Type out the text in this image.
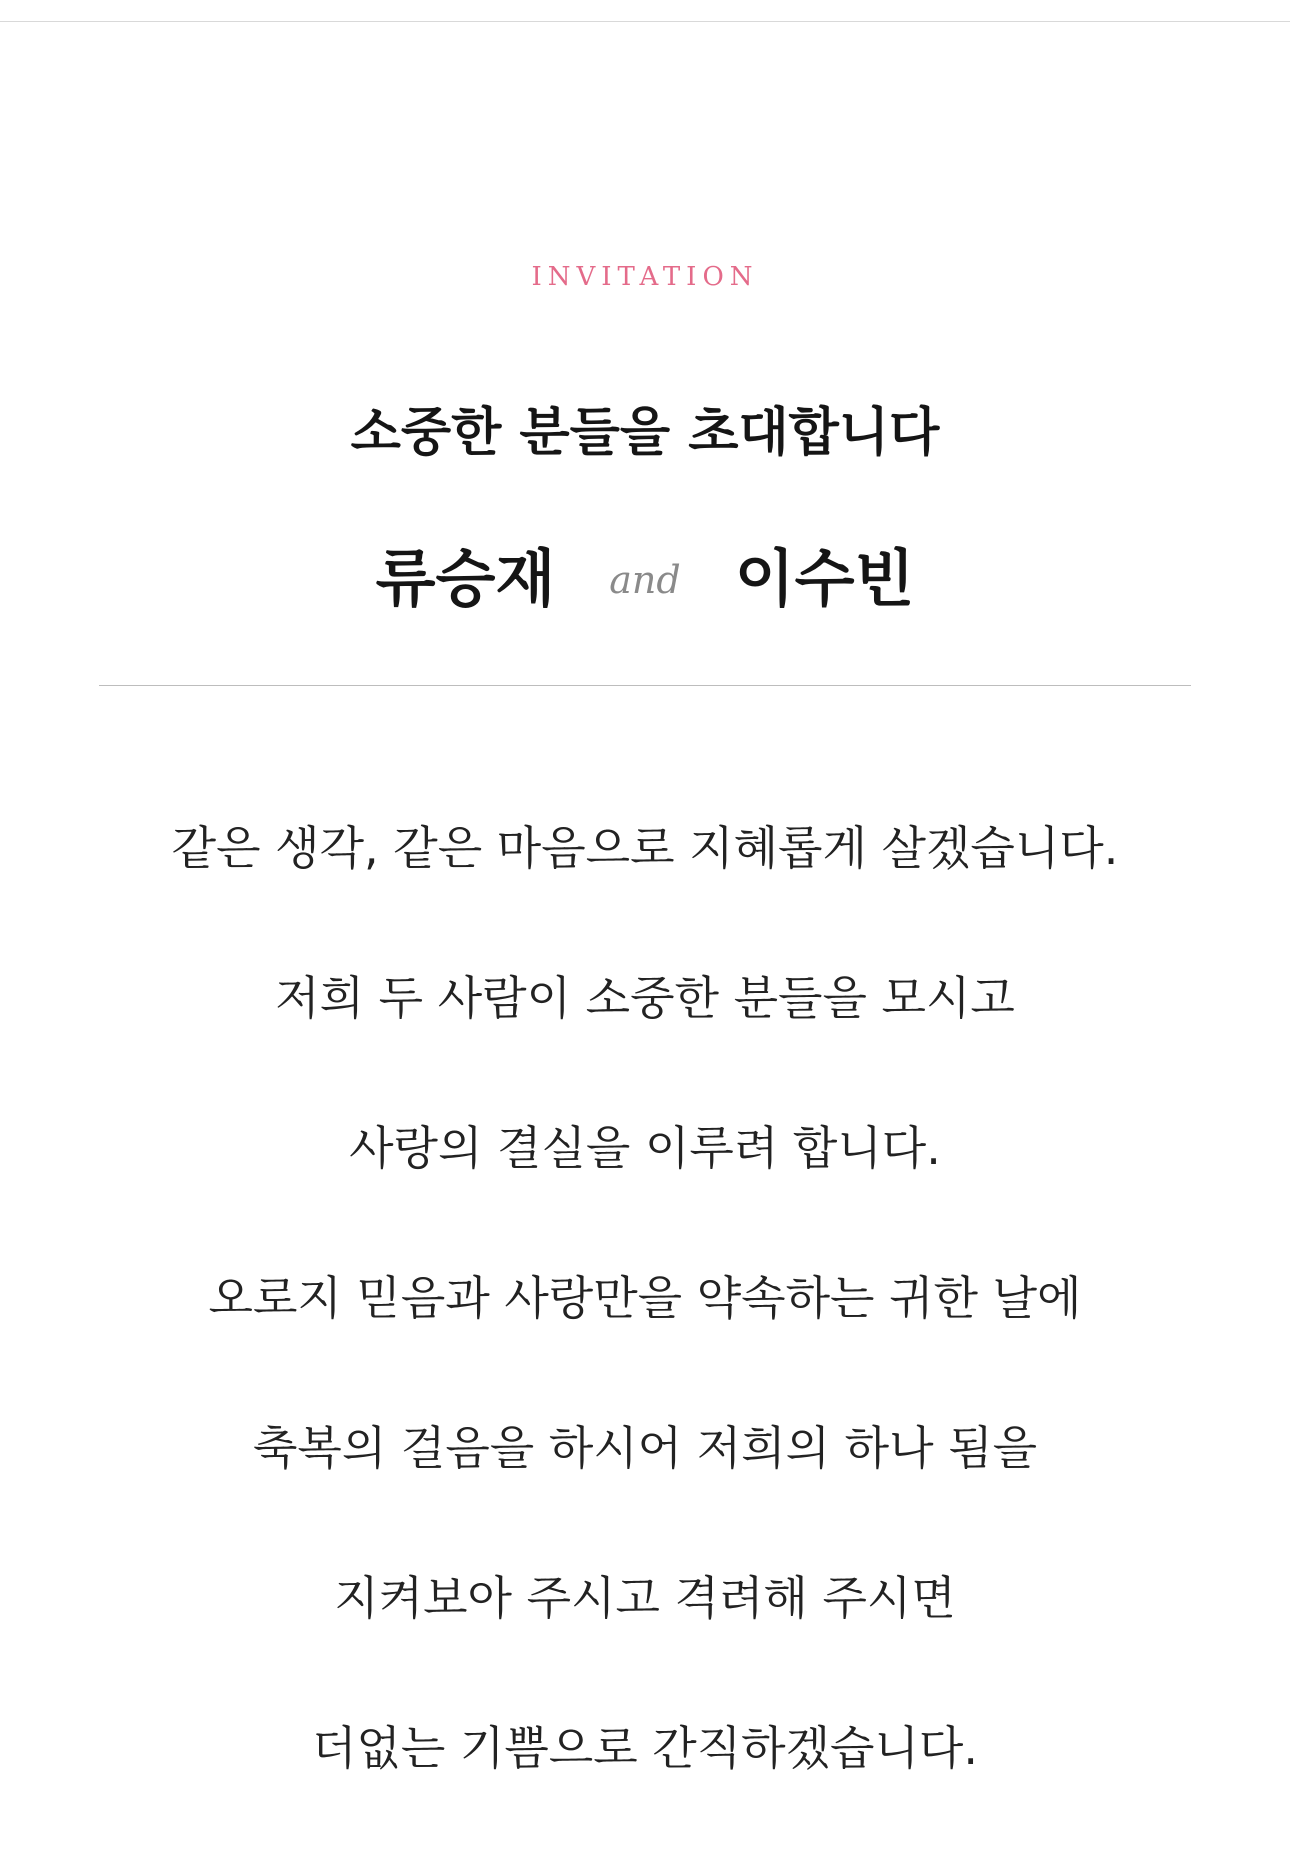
INVITATION
소중한 분들을 초대합니다
류승재 and 이수빈
같은 생각, 같은 마음으로 지혜롭게 살겠습니다.
저희 두 사람이 소중한 분들을 모시고
사랑의 결실을 이루려 합니다.
오로지 믿음과 사랑만을 약속하는 귀한 날에
축복의 걸음을 하시어 저희의 하나 됨을
지켜보아 주시고 격려해 주시면
더없는 기쁨으로 간직하겠습니다.
